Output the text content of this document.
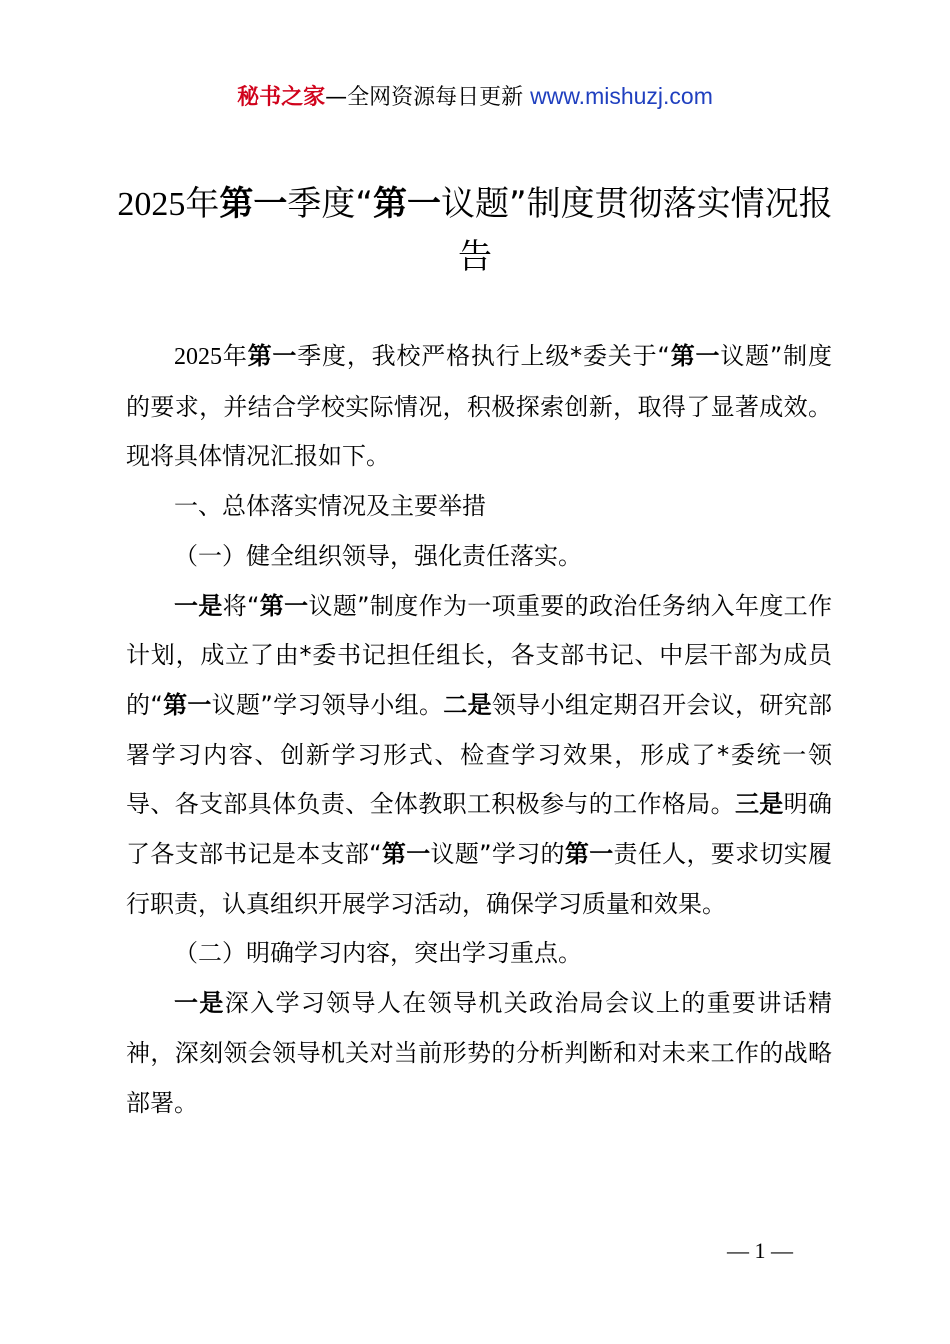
秘书之家—全网资源每日更新 www.mishuzj.com
2025年第一季度“第一议题”制度贯彻落实情况报告

2025年第一季度，我校严格执行上级*委关于“第一议题”制度的要求，并结合学校实际情况，积极探索创新，取得了显著成效。现将具体情况汇报如下。

一、总体落实情况及主要举措

（一）健全组织领导，强化责任落实。

一是将“第一议题”制度作为一项重要的政治任务纳入年度工作计划，成立了由*委书记担任组长，各支部书记、中层干部为成员的“第一议题”学习领导小组。二是领导小组定期召开会议，研究部署学习内容、创新学习形式、检查学习效果，形成了*委统一领导、各支部具体负责、全体教职工积极参与的工作格局。三是明确了各支部书记是本支部“第一议题”学习的第一责任人，要求切实履行职责，认真组织开展学习活动，确保学习质量和效果。

（二）明确学习内容，突出学习重点。

一是深入学习领导人在领导机关政治局会议上的重要讲话精神，深刻领会领导机关对当前形势的分析判断和对未来工作的战略部署。

— 1 —
